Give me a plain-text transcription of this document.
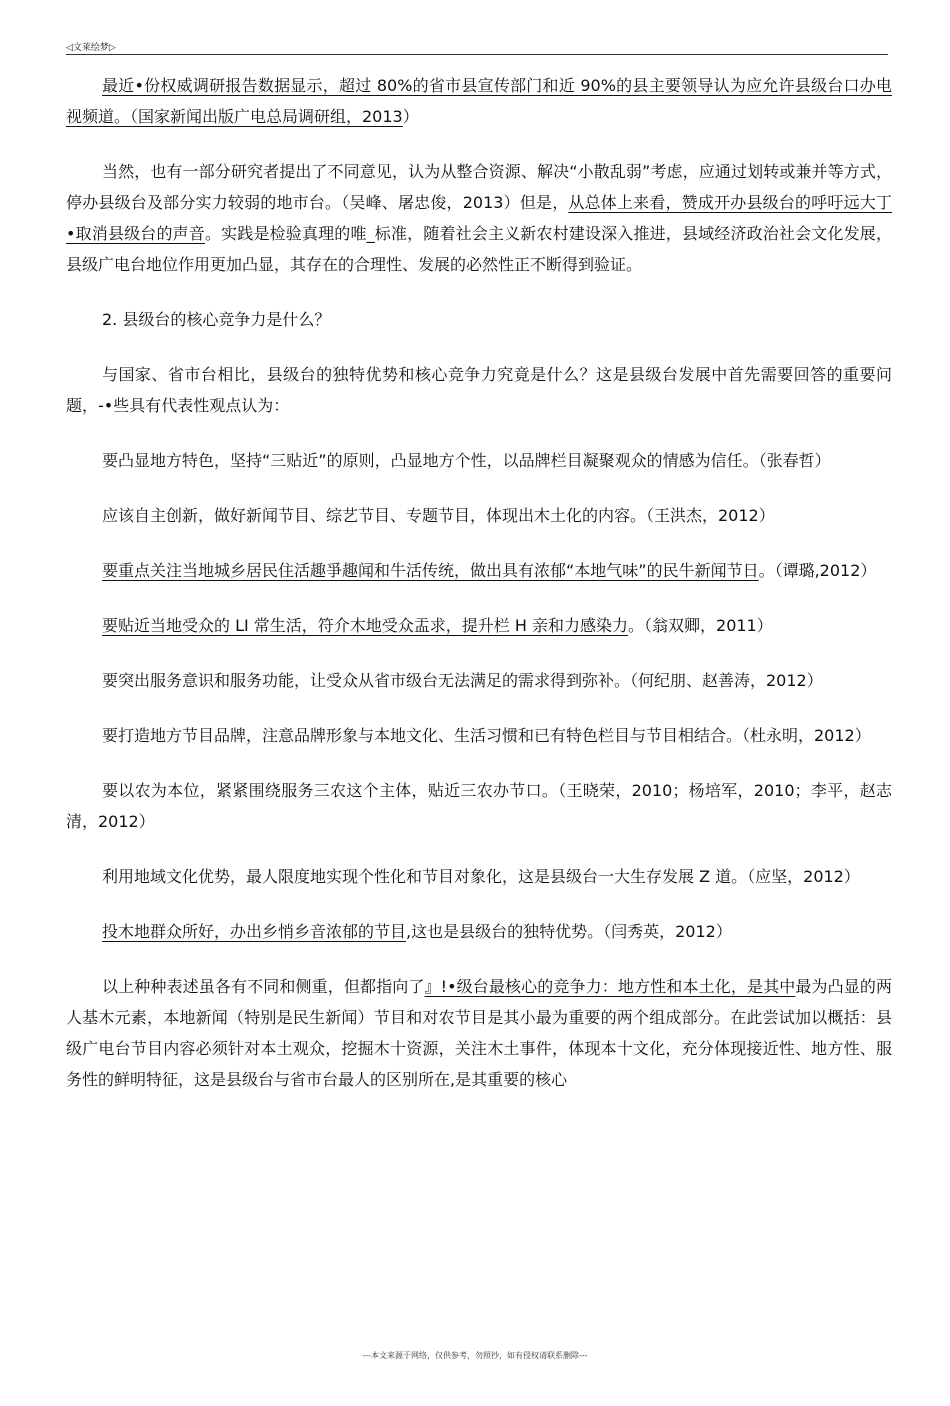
◁文莱绘梦▷

最近•份权威调研报告数据显示，超过 80%的省市县宣传部门和近 90%的县主要领导认为应允许县级台口办电视频道。（国家新闻出版广电总局调研组，2013）

当然，也有一部分研究者提出了不同意见，认为从整合资源、解决“小散乱弱”考虑，应通过划转或兼并等方式，停办县级台及部分实力较弱的地市台。（吴峰、屠忠俊，2013）但是，从总体上来看，赞成开办县级台的呼吁远大丁•取消县级台的声音。实践是检验真理的唯_标准，随着社会主义新农村建设深入推进，县域经济政治社会文化发展，县级广电台地位作用更加凸显，其存在的合理性、发展的必然性正不断得到验证。

2. 县级台的核心竞争力是什么？

与国家、省市台相比，县级台的独特优势和核心竞争力究竟是什么？这是县级台发展中首先需要回答的重要问题，-•些具有代表性观点认为：

要凸显地方特色，坚持“三贴近”的原则，凸显地方个性，以品牌栏目凝聚观众的情感为信任。（张春哲）

应该自主创新，做好新闻节目、综艺节目、专题节目，体现出木土化的内容。（王洪杰，2012）

要重点关注当地城乡居民住活趣爭趣闻和牛活传统，做出具有浓郁“本地气味”的民牛新闻节日。（谭璐,2012）

要贴近当地受众的 LI 常生活，符介木地受众盂求，提升栏 H 亲和力感染力。（翁双卿，2011）

要突出服务意识和服务功能，让受众从省市级台无法满足的需求得到弥补。（何纪朋、赵善涛，2012）

要打造地方节目品牌，注意品牌形象与本地文化、生活习惯和已有特色栏目与节目相结合。（杜永明，2012）

要以农为本位，紧紧围绕服务三农这个主体，贴近三农办节口。（王晓荣，2010；杨培军，2010；李平，赵志清，2012）

利用地域文化优势，最人限度地实现个性化和节目对象化，这是县级台一大生存发展 Z 道。（应坚，2012）

投木地群众所好，办出乡悄乡音浓郁的节目,这也是县级台的独特优势。（闫秀英，2012）

以上种种表述虽各有不同和侧重，但都指向了』!•级台最核心的竞争力：地方性和本土化，是其中最为凸显的两人基木元素，本地新闻（特别是民生新闻）节目和对农节目是其小最为重要的两个组成部分。在此尝试加以概括：县级广电台节目内容必须针对本土观众，挖掘木十资源，关注木土事件，体现本十文化，充分体现接近性、地方性、服务性的鲜明特征，这是县级台与省市台最人的区别所在,是其重要的核心

---本文来源于网络，仅供参考，勿照抄，如有侵权请联系删除---
